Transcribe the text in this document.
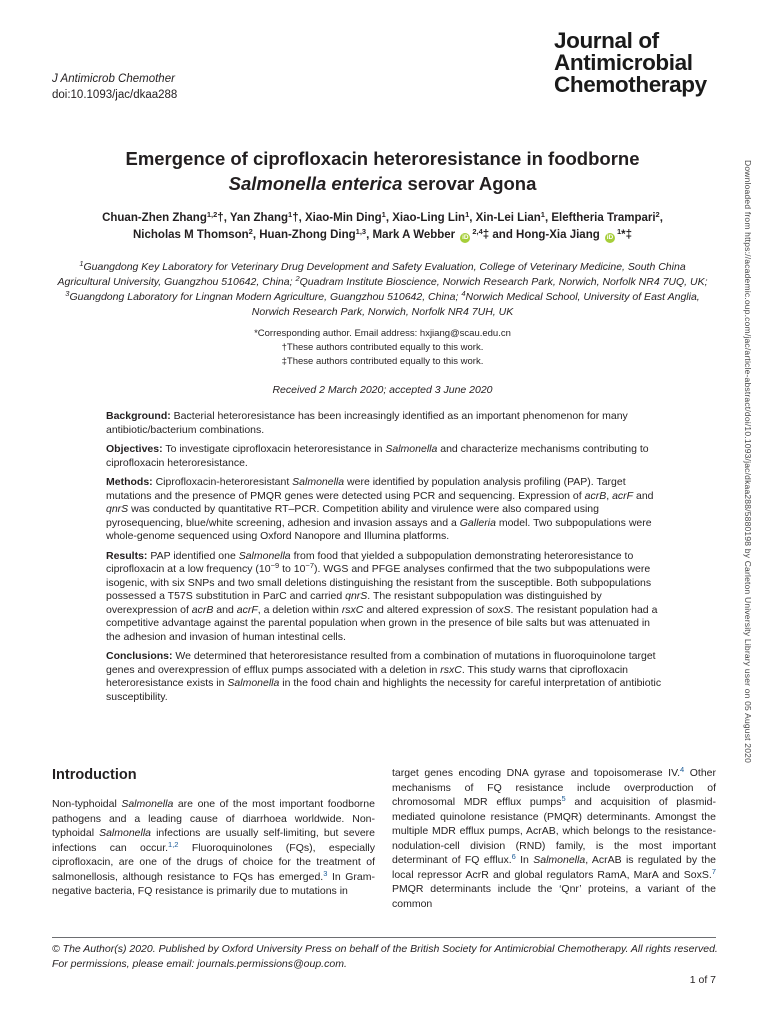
J Antimicrob Chemother
doi:10.1093/jac/dkaa288
Journal of
Antimicrobial
Chemotherapy
Downloaded from https://academic.oup.com/jac/article-abstract/doi/10.1093/jac/dkaa288/5880198 by Carleton University Library user on 05 August 2020
Emergence of ciprofloxacin heteroresistance in foodborne
Salmonella enterica serovar Agona
Chuan-Zhen Zhang$^{1,2}$†, Yan Zhang$^1$†, Xiao-Min Ding$^1$, Xiao-Ling Lin$^1$, Xin-Lei Lian$^1$, Eleftheria Trampari$^2$,
Nicholas M Thomson$^2$, Huan-Zhong Ding$^{1,3}$, Mark A Webber iD$^{2,4}$‡ and Hong-Xia Jiang $iD^1*\ddagger$
$^1$Guangdong Key Laboratory for Veterinary Drug Development and Safety Evaluation, College of Veterinary Medicine, South China Agricultural University, Guangzhou 510642, China; $^2$Quadram Institute Bioscience, Norwich Research Park, Norwich, Norfolk NR4 7UQ, UK; $^3$Guangdong Laboratory for Lingnan Modern Agriculture, Guangzhou 510642, China; $^4$Norwich Medical School, University of East Anglia, Norwich Research Park, Norwich, Norfolk NR4 7UH, UK
*Corresponding author. Email address: hxjiang@scau.edu.cn
†These authors contributed equally to this work.
‡These authors contributed equally to this work.
Received 2 March 2020; accepted 3 June 2020

Background: Bacterial heteroresistance has been increasingly identified as an important phenomenon for many antibiotic/bacterium combinations.

Objectives: To investigate ciprofloxacin heteroresistance in Salmonella and characterize mechanisms contributing to ciprofloxacin heteroresistance.

Methods: Ciprofloxacin-heteroresistant Salmonella were identified by population analysis profiling (PAP). Target mutations and the presence of PMQR genes were detected using PCR and sequencing. Expression of acrB, acrF and qnrS was conducted by quantitative RT–PCR. Competition ability and virulence were also compared using pyrosequencing, blue/white screening, adhesion and invasion assays and a Galleria model. Two subpopulations were whole-genome sequenced using Oxford Nanopore and Illumina platforms.

Results: PAP identified one Salmonella from food that yielded a subpopulation demonstrating heteroresistance to ciprofloxacin at a low frequency ($10^{-9}$ to $10^{-7}$). WGS and PFGE analyses confirmed that the two subpopulations were isogenic, with six SNPs and two small deletions distinguishing the resistant from the susceptible. Both subpopulations possessed a T57S substitution in ParC and carried qnrS. The resistant subpopulation was distinguished by overexpression of acrB and acrF, a deletion within rsxC and altered expression of soxS. The resistant population had a competitive advantage against the parental population when grown in the presence of bile salts but was attenuated in the adhesion and invasion of human intestinal cells.

Conclusions: We determined that heteroresistance resulted from a combination of mutations in fluoroquinolone target genes and overexpression of efflux pumps associated with a deletion in rsxC. This study warns that ciprofloxacin heteroresistance exists in Salmonella in the food chain and highlights the necessity for careful interpretation of antibiotic susceptibility.

Introduction

Non-typhoidal Salmonella are one of the most important foodborne pathogens and a leading cause of diarrhoea worldwide. Non-typhoidal Salmonella infections are usually self-limiting, but severe infections can occur.$^{1,2}$ Fluoroquinolones (FQs), especially ciprofloxacin, are one of the drugs of choice for the treatment of salmonellosis, although resistance to FQs has emerged.$^3$ In Gram-negative bacteria, FQ resistance is primarily due to mutations in

target genes encoding DNA gyrase and topoisomerase IV.$^4$ Other mechanisms of FQ resistance include overproduction of chromosomal MDR efflux pumps$^5$ and acquisition of plasmid-mediated quinolone resistance (PMQR) determinants. Amongst the multiple MDR efflux pumps, AcrAB, which belongs to the resistance-nodulation-cell division (RND) family, is the most important determinant of FQ efflux.$^6$ In Salmonella, AcrAB is regulated by the local repressor AcrR and global regulators RamA, MarA and SoxS.$^7$ PMQR determinants include the ‘Qnr’ proteins, a variant of the common

© The Author(s) 2020. Published by Oxford University Press on behalf of the British Society for Antimicrobial Chemotherapy. All rights reserved.
For permissions, please email: journals.permissions@oup.com.
1 of 7
